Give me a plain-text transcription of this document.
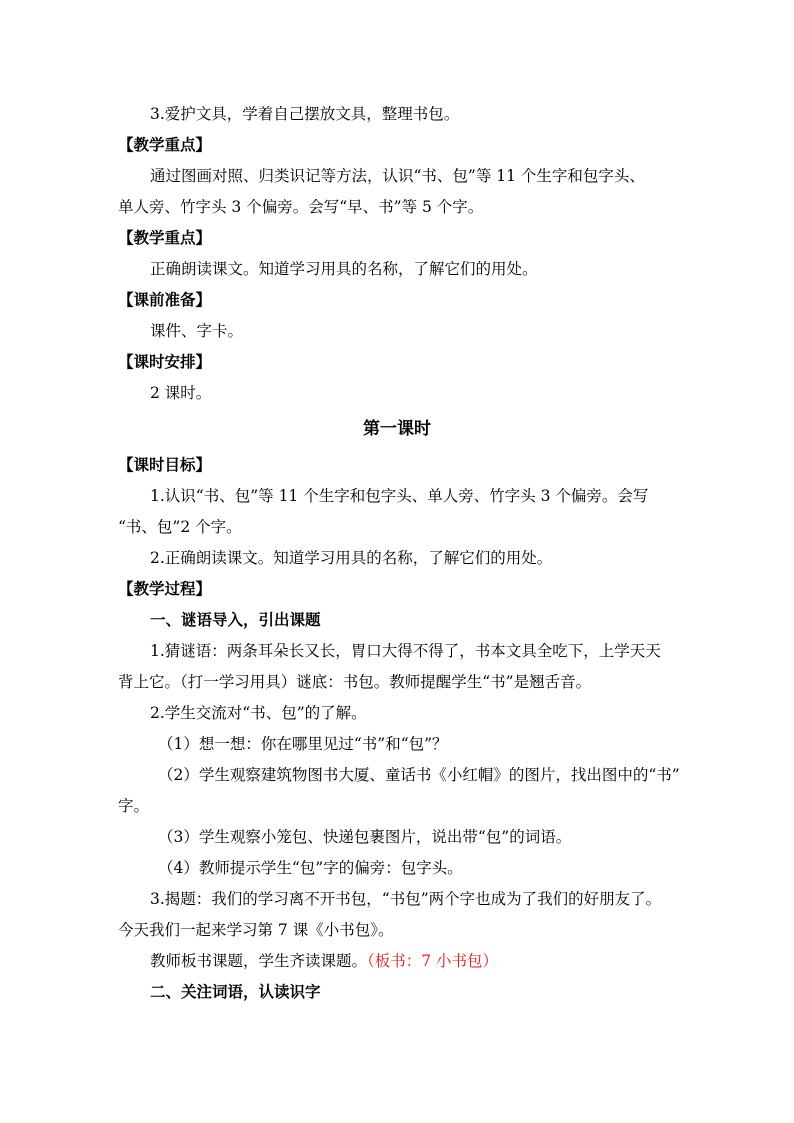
3.爱护文具，学着自己摆放文具，整理书包。
【教学重点】
通过图画对照、归类识记等方法，认识“书、包”等 11 个生字和包字头、
单人旁、竹字头 3 个偏旁。会写“早、书”等 5 个字。
【教学重点】
正确朗读课文。知道学习用具的名称，了解它们的用处。
【课前准备】
课件、字卡。
【课时安排】
2 课时。
第一课时
【课时目标】
1.认识“书、包”等 11 个生字和包字头、单人旁、竹字头 3 个偏旁。会写
“书、包”2 个字。
2.正确朗读课文。知道学习用具的名称，了解它们的用处。
【教学过程】
一、谜语导入，引出课题
1.猜谜语：两条耳朵长又长，胃口大得不得了，书本文具全吃下，上学天天
背上它。（打一学习用具）谜底：书包。教师提醒学生“书”是翘舌音。
2.学生交流对“书、包”的了解。
（1）想一想：你在哪里见过“书”和“包”？
（2）学生观察建筑物图书大厦、童话书《小红帽》的图片，找出图中的“书”
字。
（3）学生观察小笼包、快递包裹图片，说出带“包”的词语。
（4）教师提示学生“包”字的偏旁：包字头。
3.揭题：我们的学习离不开书包，“书包”两个字也成为了我们的好朋友了。
今天我们一起来学习第 7 课《小书包》。
教师板书课题，学生齐读课题。（板书：7 小书包）
二、关注词语，认读识字
